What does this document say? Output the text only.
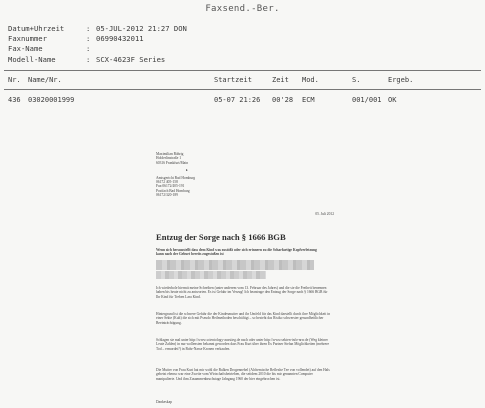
Faxsend.-Ber.
Datum+Uhrzeit	: 05-JUL-2012 21:27 DON
Faxnummer	: 06990432011
Fax-Name	:
Modell-Name	: SCX-4623F Series
Nr. Name/Nr.	Startzeit	Zeit Mod.	S.	Ergeb.
436 03020001999	05-07 21:26 00'28 ECM	001/001 OK
Maximilian Bährig
Holderlinstraße 1
60316 Frankfurt/Main
▸
Amtsgericht Bad Homburg
06172 405-158
Fax:06172/405-191
Postfach Bad Homburg
06172/320-189
05. Juli 2012
Entzug der Sorge nach § 1666 BGB
Wenn sich herausstellt dass dem Kind was zustößt oder sich erinnern zu die Scharfartige Kopfverletzung kann nach der Geburt bereits zugestoßen ist
Ich wiederhole hiermit meine Schreiben (unter anderem vom 13. Februar des Jahres) und die sie die Freiheit benennen haben bis heute nicht zu antworten. Es ist Gefahr im Verzug! Ich beantrage den Entzug der Sorge nach § 1666 BGB für Ihr Kind für Treben Lara Kind.
Hintergrund ist die schwere Gefahr die der Kindesmutter und ihr Umfeld für das Kind darstellt durch ihre Möglichkeit in einer Sekte (Kult) die sich mit Pseudo Heilmethoden beschäftigt – so besteht das Risiko schwerster gesundheitlicher Beeinträchtigung.
Schlagen sie mal unter http://www.scientology-ausstieg.de nach oder unter http://www.sekten-info-nrw.de (Weg kleiner Leute Zahlen) in nur wollensten bekannt geworden dass Frau Kurt über ihren Ex Partner Stefan Möglichkeiten (mehrere Tod – ermordet?) in Bohr-Nasse Kronen verkaufen.
Die Mutter von Frau Kurt hat mir wohl die Balken Drogennebel (Alchemische Reflexhe Tee von vollendet) auf den Hals gehetzt ebenso war eine Zweite vom Wirtschaftsbetrieben, die seitdem 2010 die bis mir genannten Computer manipulierte. Und ihm Zusammenbruchstage Jahrgang 1960 der hier eingebrochen ist.
Dankeskap
